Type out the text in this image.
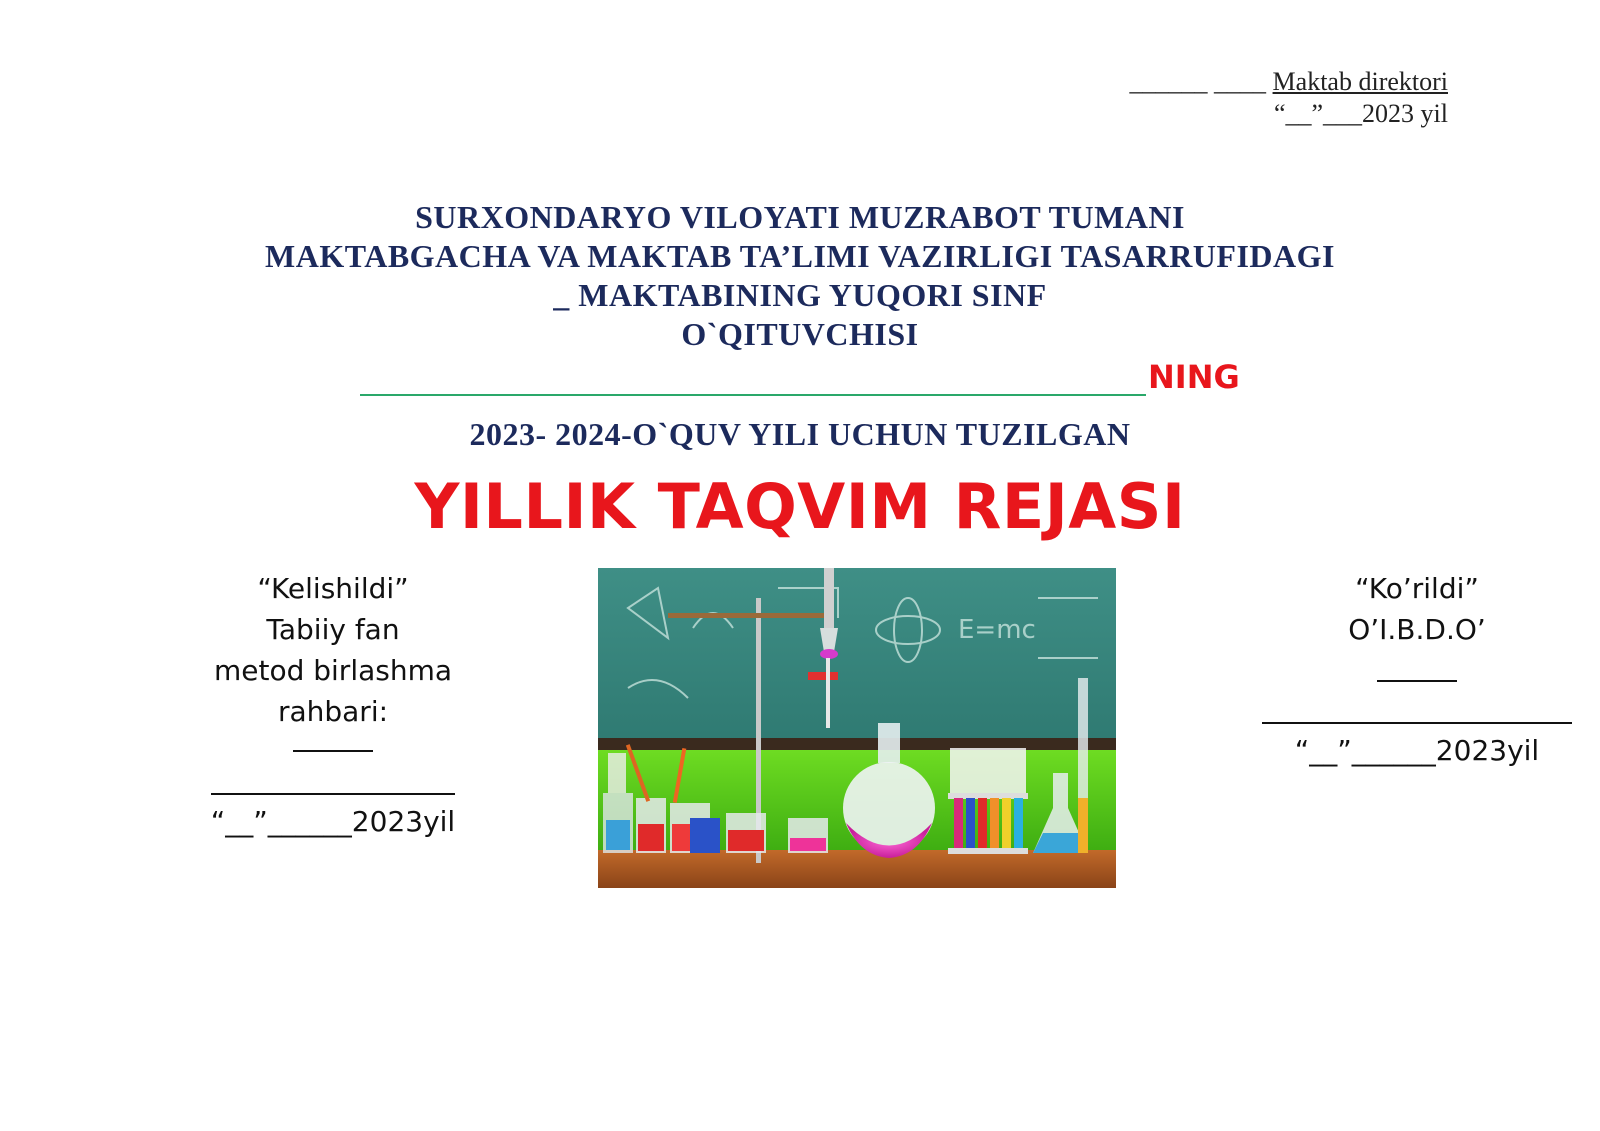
______ ____ Maktab direktori
“__”___2023 yil
SURXONDARYO VILOYATI MUZRABOT TUMANI
MAKTABGACHA VA MAKTAB TA’LIMI VAZIRLIGI TASARRUFIDAGI
_ MAKTABINING YUQORI SINF
O`QITUVCHISI
NING
2023- 2024-O`QUV YILI UCHUN TUZILGAN
YILLIK TAQVIM REJASI
“Kelishildi”
Tabiiy fan
metod birlashma
rahbari:
“__”______2023yil
E=mc
“Ko’rildi”
O’I.B.D.O’
“__”______2023yil
